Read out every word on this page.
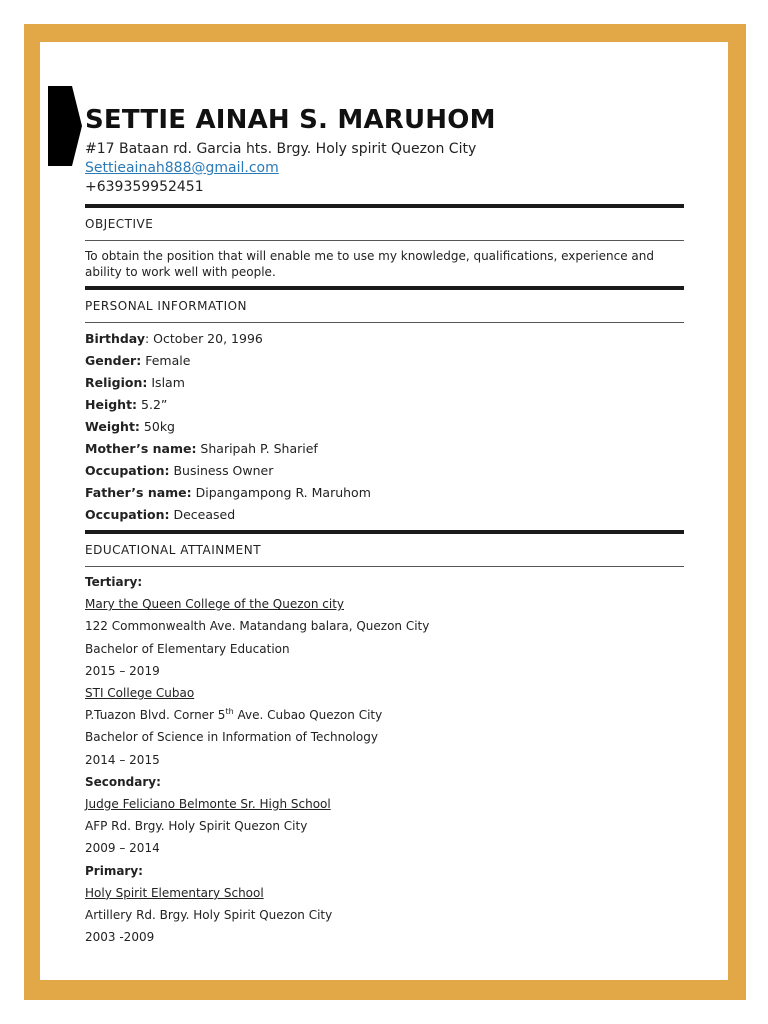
SETTIE AINAH S. MARUHOM
#17 Bataan rd. Garcia hts. Brgy. Holy spirit Quezon City
Settieainah888@gmail.com
+639359952451
OBJECTIVE
To obtain the position that will enable me to use my knowledge, qualifications, experience and ability to work well with people.
PERSONAL INFORMATION
Birthday: October 20, 1996
Gender: Female
Religion: Islam
Height: 5.2”
Weight: 50kg
Mother’s name: Sharipah P. Sharief
Occupation: Business Owner
Father’s name: Dipangampong R. Maruhom
Occupation: Deceased
EDUCATIONAL ATTAINMENT
Tertiary:
Mary the Queen College of the Quezon city
122 Commonwealth Ave. Matandang balara, Quezon City
Bachelor of Elementary Education
2015 – 2019
STI College Cubao
P.Tuazon Blvd. Corner 5th Ave. Cubao Quezon City
Bachelor of Science in Information of Technology
2014 – 2015
Secondary:
Judge Feliciano Belmonte Sr. High School
AFP Rd. Brgy. Holy Spirit Quezon City
2009 – 2014
Primary:
Holy Spirit Elementary School
Artillery Rd. Brgy. Holy Spirit Quezon City
2003 -2009
